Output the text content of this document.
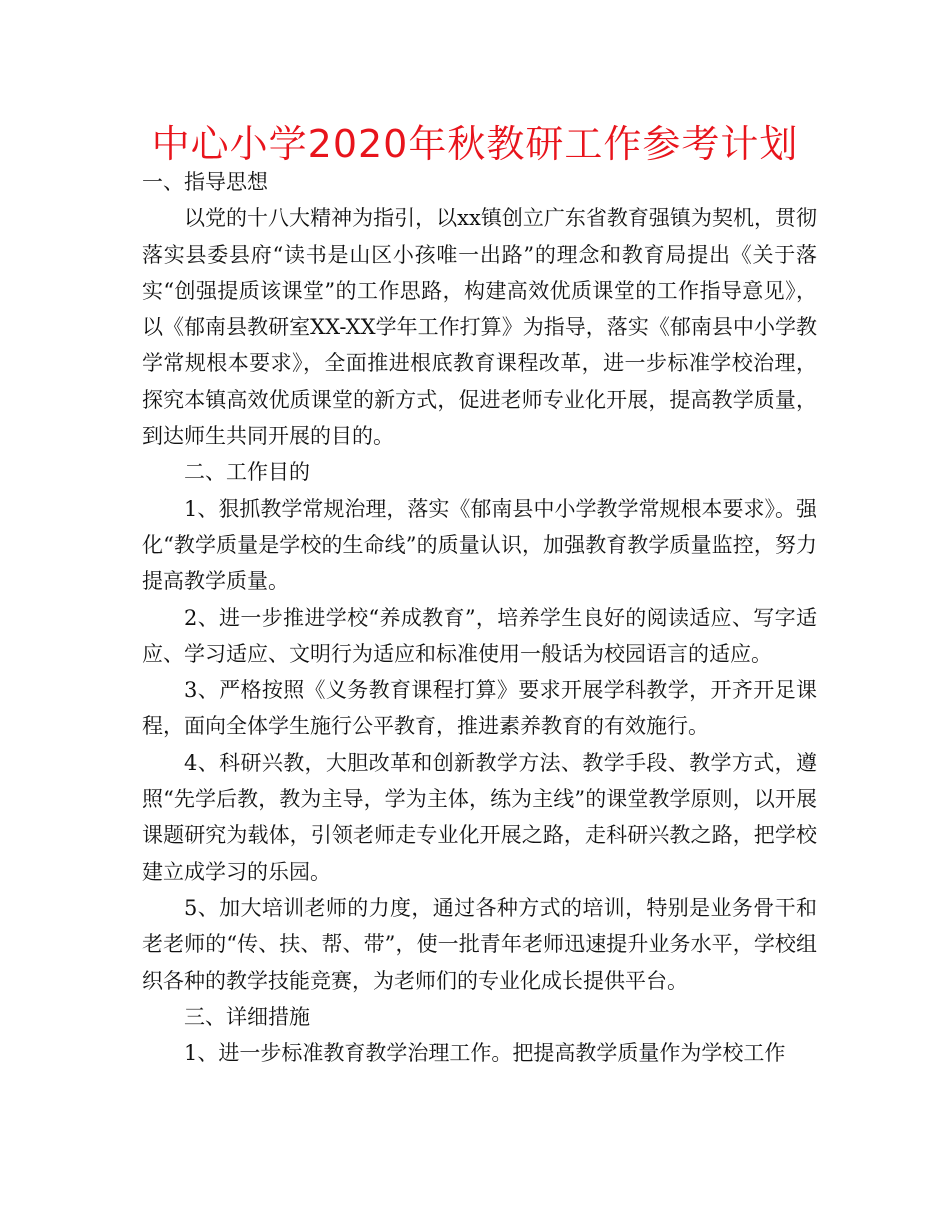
中心小学2020年秋教研工作参考计划

一、指导思想

以党的十八大精神为指引，以xx镇创立广东省教育强镇为契机，贯彻落实县委县府“读书是山区小孩唯一出路”的理念和教育局提出《关于落实“创强提质该课堂”的工作思路，构建高效优质课堂的工作指导意见》，以《郁南县教研室XX-XX学年工作打算》为指导，落实《郁南县中小学教学常规根本要求》，全面推进根底教育课程改革，进一步标准学校治理，探究本镇高效优质课堂的新方式，促进老师专业化开展，提高教学质量，到达师生共同开展的目的。

二、工作目的

1、狠抓教学常规治理，落实《郁南县中小学教学常规根本要求》。强化“教学质量是学校的生命线”的质量认识，加强教育教学质量监控，努力提高教学质量。

2、进一步推进学校“养成教育”，培养学生良好的阅读适应、写字适应、学习适应、文明行为适应和标准使用一般话为校园语言的适应。

3、严格按照《义务教育课程打算》要求开展学科教学，开齐开足课程，面向全体学生施行公平教育，推进素养教育的有效施行。

4、科研兴教，大胆改革和创新教学方法、教学手段、教学方式，遵照“先学后教，教为主导，学为主体，练为主线”的课堂教学原则，以开展课题研究为载体，引领老师走专业化开展之路，走科研兴教之路，把学校建立成学习的乐园。

5、加大培训老师的力度，通过各种方式的培训，特别是业务骨干和老老师的“传、扶、帮、带”，使一批青年老师迅速提升业务水平，学校组织各种的教学技能竞赛，为老师们的专业化成长提供平台。

三、详细措施

1、进一步标准教育教学治理工作。把提高教学质量作为学校工作
